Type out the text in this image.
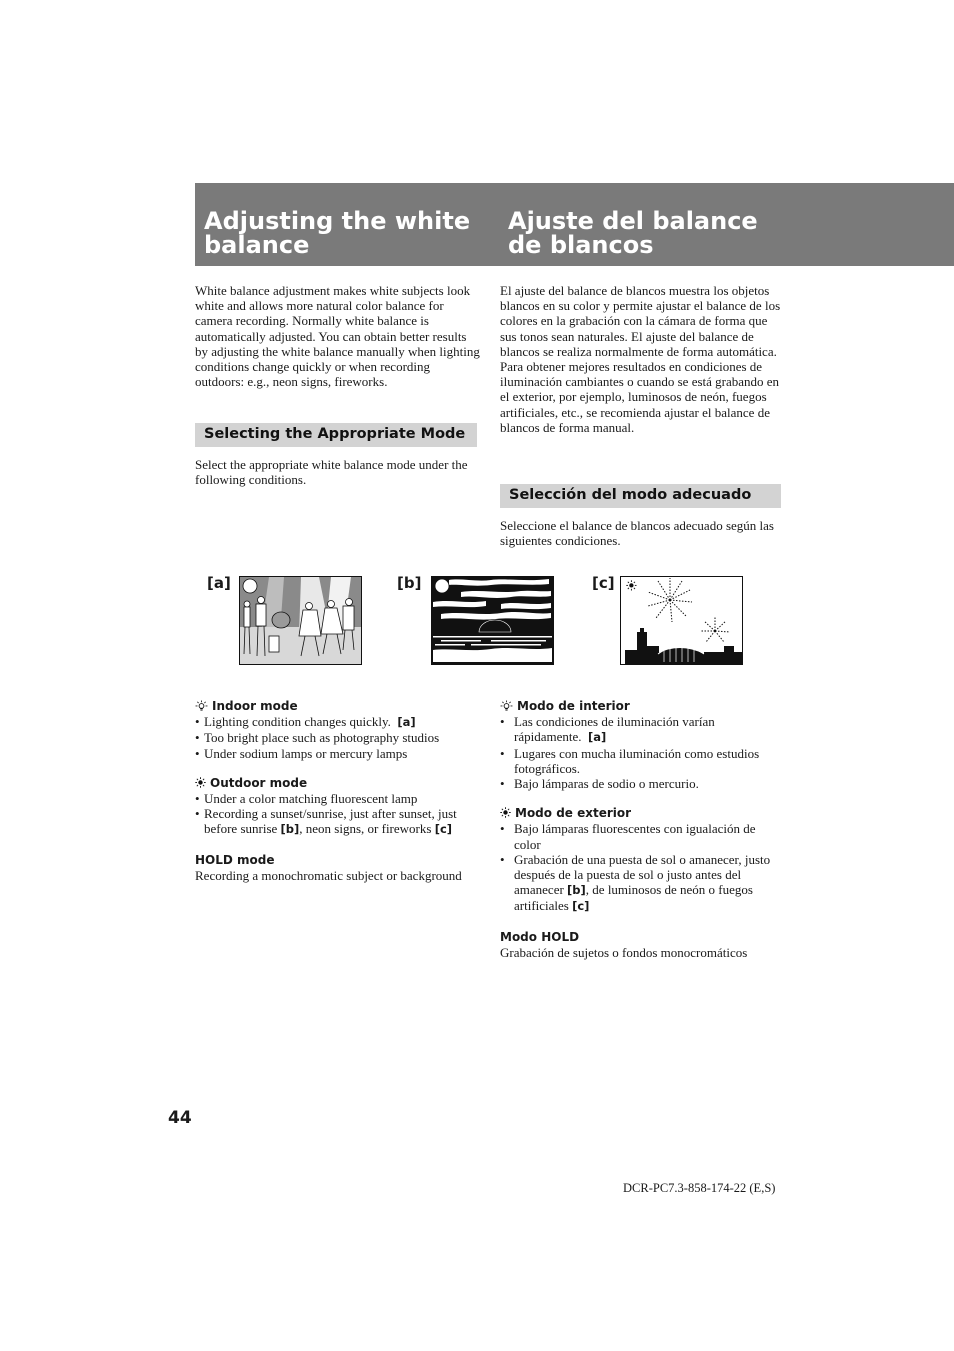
Adjusting the white balance
Ajuste del balance de blancos

White balance adjustment makes white subjects look white and allows more natural color balance for camera recording. Normally white balance is automatically adjusted. You can obtain better results by adjusting the white balance manually when lighting conditions change quickly or when recording outdoors: e.g., neon signs, fireworks.

El ajuste del balance de blancos muestra los objetos blancos en su color y permite ajustar el balance de los colores en la grabación con la cámara de forma que sus tonos sean naturales. El ajuste del balance de blancos se realiza normalmente de forma automática. Para obtener mejores resultados en condiciones de iluminación cambiantes o cuando se está grabando en el exterior, por ejemplo, luminosos de neón, fuegos artificiales, etc., se recomienda ajustar el balance de blancos de forma manual.

Selecting the Appropriate Mode

Select the appropriate white balance mode under the following conditions.

Selección del modo adecuado

Seleccione el balance de blancos adecuado según las siguientes condiciones.

[a]	[b]	[c]
Indoor mode
• Lighting condition changes quickly. [a]
• Too bright place such as photography studios
• Under sodium lamps or mercury lamps
Outdoor mode
• Under a color matching fluorescent lamp
• Recording a sunset/sunrise, just after sunset, just before sunrise [b], neon signs, or fireworks [c]
HOLD mode
Recording a monochromatic subject or background
Modo de interior
• Las condiciones de iluminación varían rápidamente. [a]
• Lugares con mucha iluminación como estudios fotográficos.
• Bajo lámparas de sodio o mercurio.
Modo de exterior
• Bajo lámparas fluorescentes con igualación de color
• Grabación de una puesta de sol o amanecer, justo después de la puesta de sol o justo antes del amanecer [b], de luminosos de neón o fuegos artificiales [c]
Modo HOLD
Grabación de sujetos o fondos monocromáticos
44
DCR-PC7.3-858-174-22 (E,S)
